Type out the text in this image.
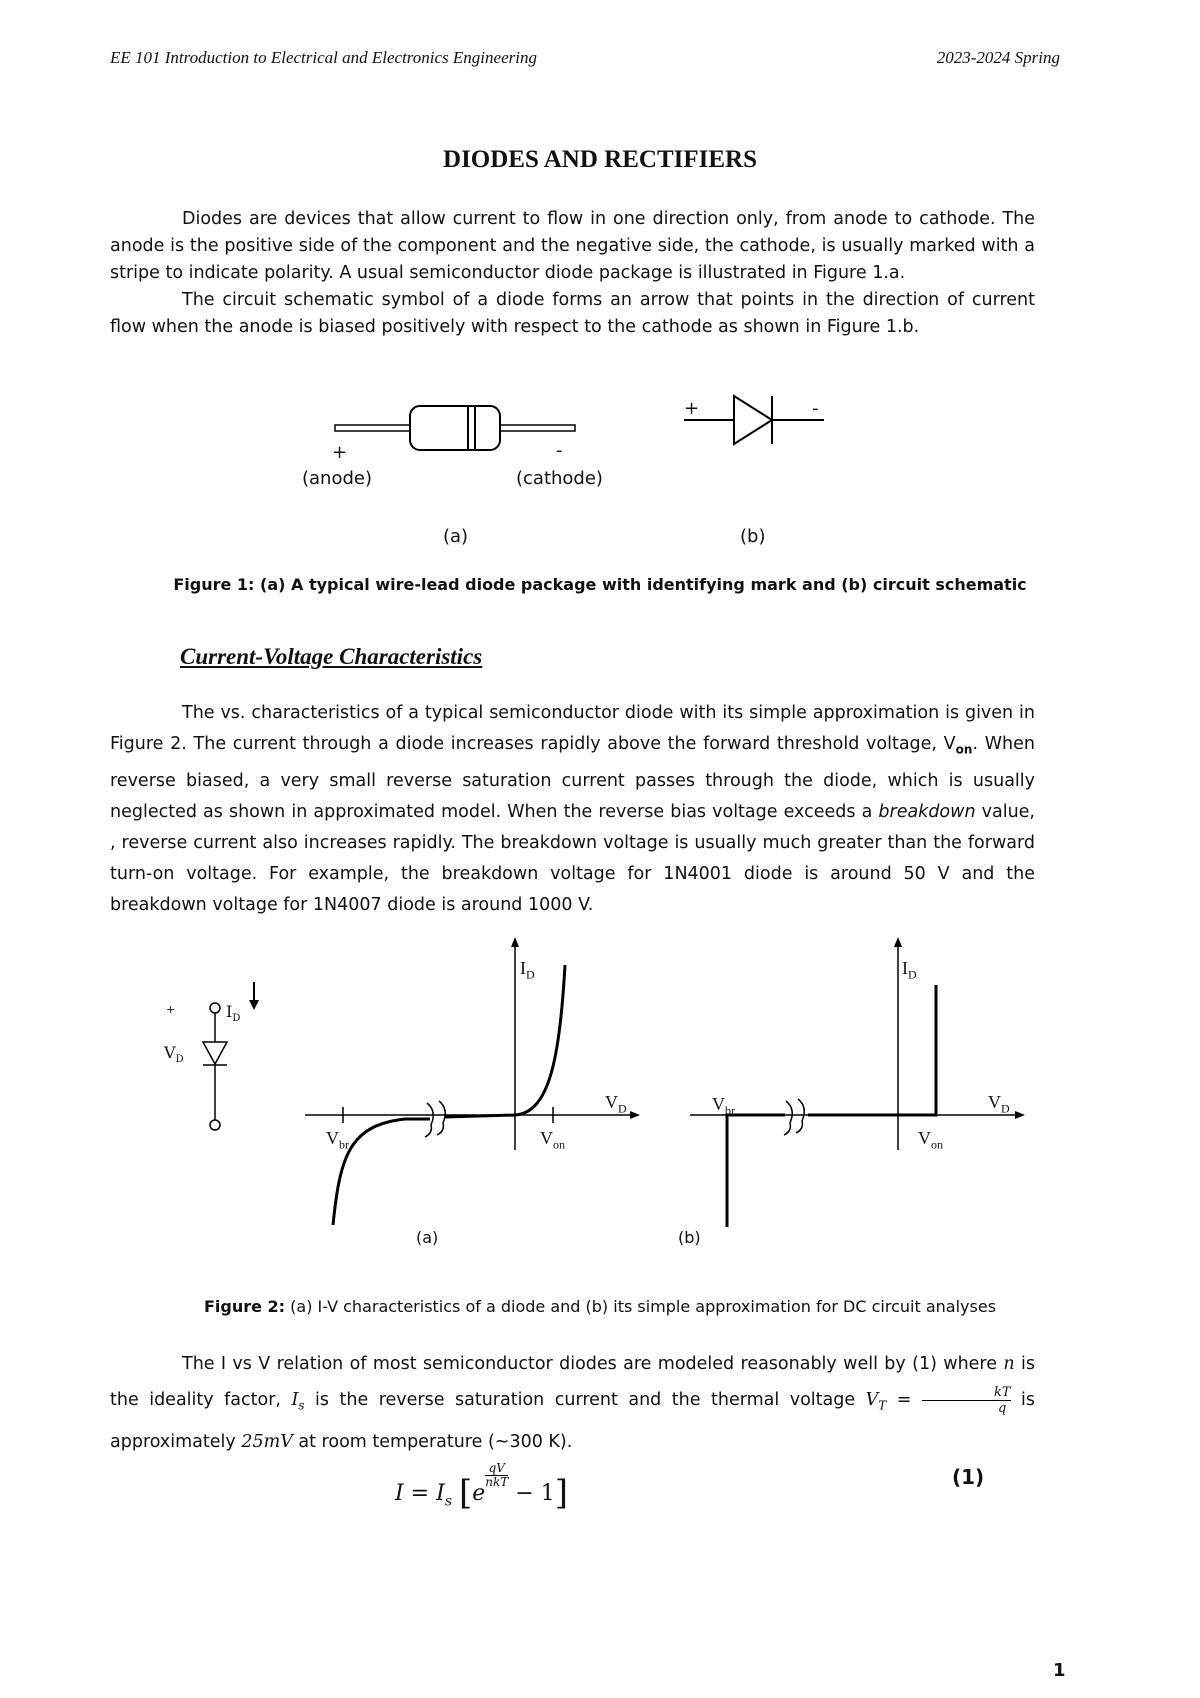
EE 101 Introduction to Electrical and Electronics Engineering	2023-2024 Spring
DIODES AND RECTIFIERS

Diodes are devices that allow current to flow in one direction only, from anode to cathode. The anode is the positive side of the component and the negative side, the cathode, is usually marked with a stripe to indicate polarity. A usual semiconductor diode package is illustrated in Figure 1.a.

The circuit schematic symbol of a diode forms an arrow that points in the direction of current flow when the anode is biased positively with respect to the cathode as shown in Figure 1.b.

+	-
(anode)	(cathode)
+	-
(a)	(b)
Figure 1: (a) A typical wire-lead diode package with identifying mark and (b) circuit schematic
Current-Voltage Characteristics

The vs. characteristics of a typical semiconductor diode with its simple approximation is given in Figure 2. The current through a diode increases rapidly above the forward threshold voltage, $V_{on}$. When reverse biased, a very small reverse saturation current passes through the diode, which is usually neglected as shown in approximated model. When the reverse bias voltage exceeds a breakdown value, , reverse current also increases rapidly. The breakdown voltage is usually much greater than the forward turn-on voltage. For example, the breakdown voltage for 1N4001 diode is around 50 V and the breakdown voltage for 1N4007 diode is around 1000 V.

+
$V_D$
$I_D$
$I_D$
$V_D$
$V_{br}$	$V_{on}$
$I_D$
$V_D$
$V_{br}$
$V_{on}$
(a)	(b)
Figure 2: (a) I-V characteristics of a diode and (b) its simple approximation for DC circuit analyses

The I vs V relation of most semiconductor diodes are modeled reasonably well by (1) where n is the ideality factor, $I_s$ is the reverse saturation current and the thermal voltage $V_T = \frac{kT}{q}$ is approximately 25mV at room temperature (~300 K).

$I = I_s$ [e
$^{qV nkT}$ − 1]	(1)
1
